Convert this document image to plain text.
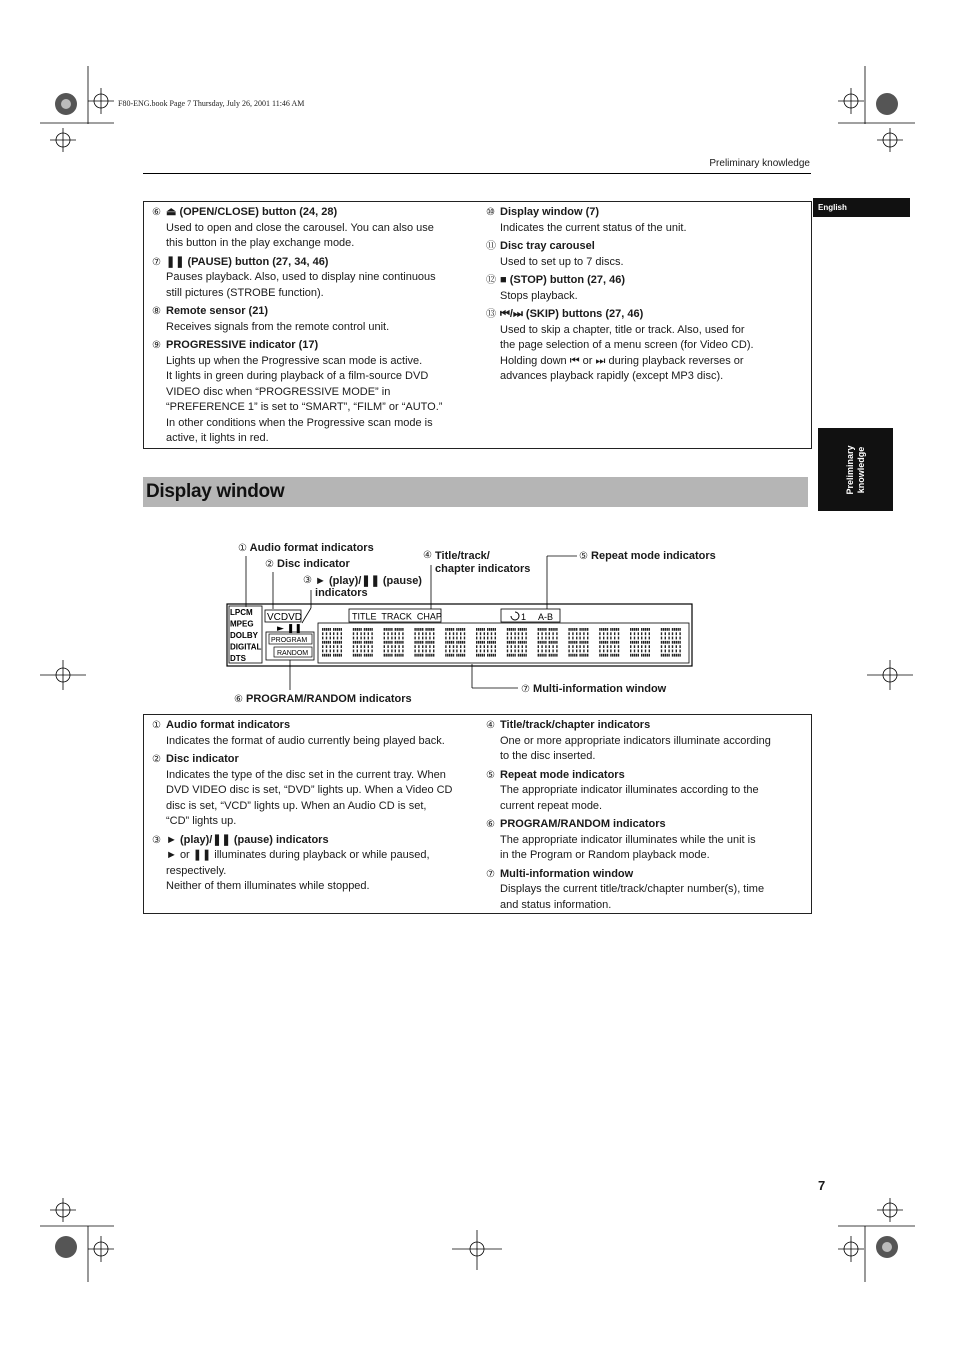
F80-ENG.book Page 7 Thursday, July 26, 2001 11:46 AM
Preliminary knowledge
English
Preliminary
knowledge
⑥ ⏏ (OPEN/CLOSE) button (24, 28)
Used to open and close the carousel. You can also use
this button in the play exchange mode.
⑦ ❚❚ (PAUSE) button (27, 34, 46)
Pauses playback. Also, used to display nine continuous
still pictures (STROBE function).
⑧ Remote sensor (21)
Receives signals from the remote control unit.
⑨ PROGRESSIVE indicator (17)
Lights up when the Progressive scan mode is active.
It lights in green during playback of a film-source DVD
VIDEO disc when “PROGRESSIVE MODE” in
“PREFERENCE 1” is set to “SMART”, “FILM” or “AUTO.”
In other conditions when the Progressive scan mode is
active, it lights in red.
⑩ Display window (7)
Indicates the current status of the unit.
⑪ Disc tray carousel
Used to set up to 7 discs.
⑫ ■ (STOP) button (27, 46)
Stops playback.
⑬ ⏮/⏭ (SKIP) buttons (27, 46)
Used to skip a chapter, title or track. Also, used for
the page selection of a menu screen (for Video CD).
Holding down ⏮ or ⏭ during playback reverses or
advances playback rapidly (except MP3 disc).
Display window
① Audio format indicators
② Disc indicator
③ ► (play)/❚❚ (pause)
indicators
④ Title/track/
chapter indicators
⑤ Repeat mode indicators
⑥ PROGRAM/RANDOM indicators
⑦ Multi-information window
LPCM
MPEG
DOLBY
DIGITAL
DTS
VCDVD
► ❚❚
PROGRAM
RANDOM
TITLE  TRACK  CHAP	1 A-B
① Audio format indicators
Indicates the format of audio currently being played back.
② Disc indicator
Indicates the type of the disc set in the current tray. When
DVD VIDEO disc is set, “DVD” lights up. When a Video CD
disc is set, “VCD” lights up. When an Audio CD is set,
“CD” lights up.
③ ► (play)/❚❚ (pause) indicators
► or ❚❚ illuminates during playback or while paused,
respectively.
Neither of them illuminates while stopped.
④ Title/track/chapter indicators
One or more appropriate indicators illuminate according
to the disc inserted.
⑤ Repeat mode indicators
The appropriate indicator illuminates according to the
current repeat mode.
⑥ PROGRAM/RANDOM indicators
The appropriate indicator illuminates while the unit is
in the Program or Random playback mode.
⑦ Multi-information window
Displays the current title/track/chapter number(s), time
and status information.
7
